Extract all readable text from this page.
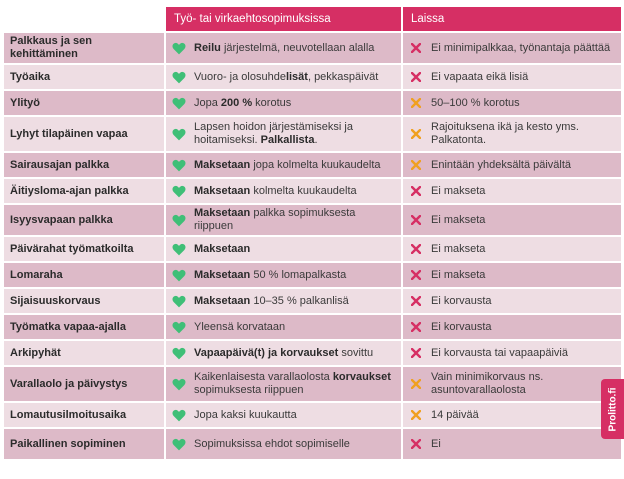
	Työ- tai virkaehtosopimuksissa	Laissa
Palkkaus ja sen kehittäminen	Reilu järjestelmä, neuvotellaan alalla	Ei minimipalkkaa, työnantaja päättää

Työaika	Vuoro- ja olosuhdelisät, pekkaspäivät	Ei vapaata eikä lisiä

Ylityö	Jopa 200 % korotus	50–100 % korotus

Lyhyt tilapäinen vapaa	Lapsen hoidon järjestämiseksi ja hoitamiseksi. Palkallista.	Rajoituksena ikä ja kesto yms. Palkatonta.

Sairausajan palkka	Maksetaan jopa kolmelta kuukaudelta	Enintään yhdeksältä päivältä

Äitiysloma-ajan palkka	Maksetaan kolmelta kuukaudelta	Ei makseta

Isyysvapaan palkka	Maksetaan palkka sopimuksesta riippuen	Ei makseta

Päivärahat työmatkoilta	Maksetaan	Ei makseta

Lomaraha	Maksetaan 50 % lomapalkasta	Ei makseta

Sijaisuuskorvaus	Maksetaan 10–35 % palkanlisä	Ei korvausta

Työmatka vapaa-ajalla	Yleensä korvataan	Ei korvausta

Arkipyhät	Vapaapäivä(t) ja korvaukset sovittu	Ei korvausta tai vapaapäiviä

Varallaolo ja päivystys	Kaikenlaisesta varallaolosta korvaukset sopimuksesta riippuen	Vain minimikorvaus ns. asuntovarallaolosta

Lomautusilmoitusaika	Jopa kaksi kuukautta	14 päivää

Paikallinen sopiminen	Sopimuksissa ehdot sopimiselle	Ei
Prolitto.fi
